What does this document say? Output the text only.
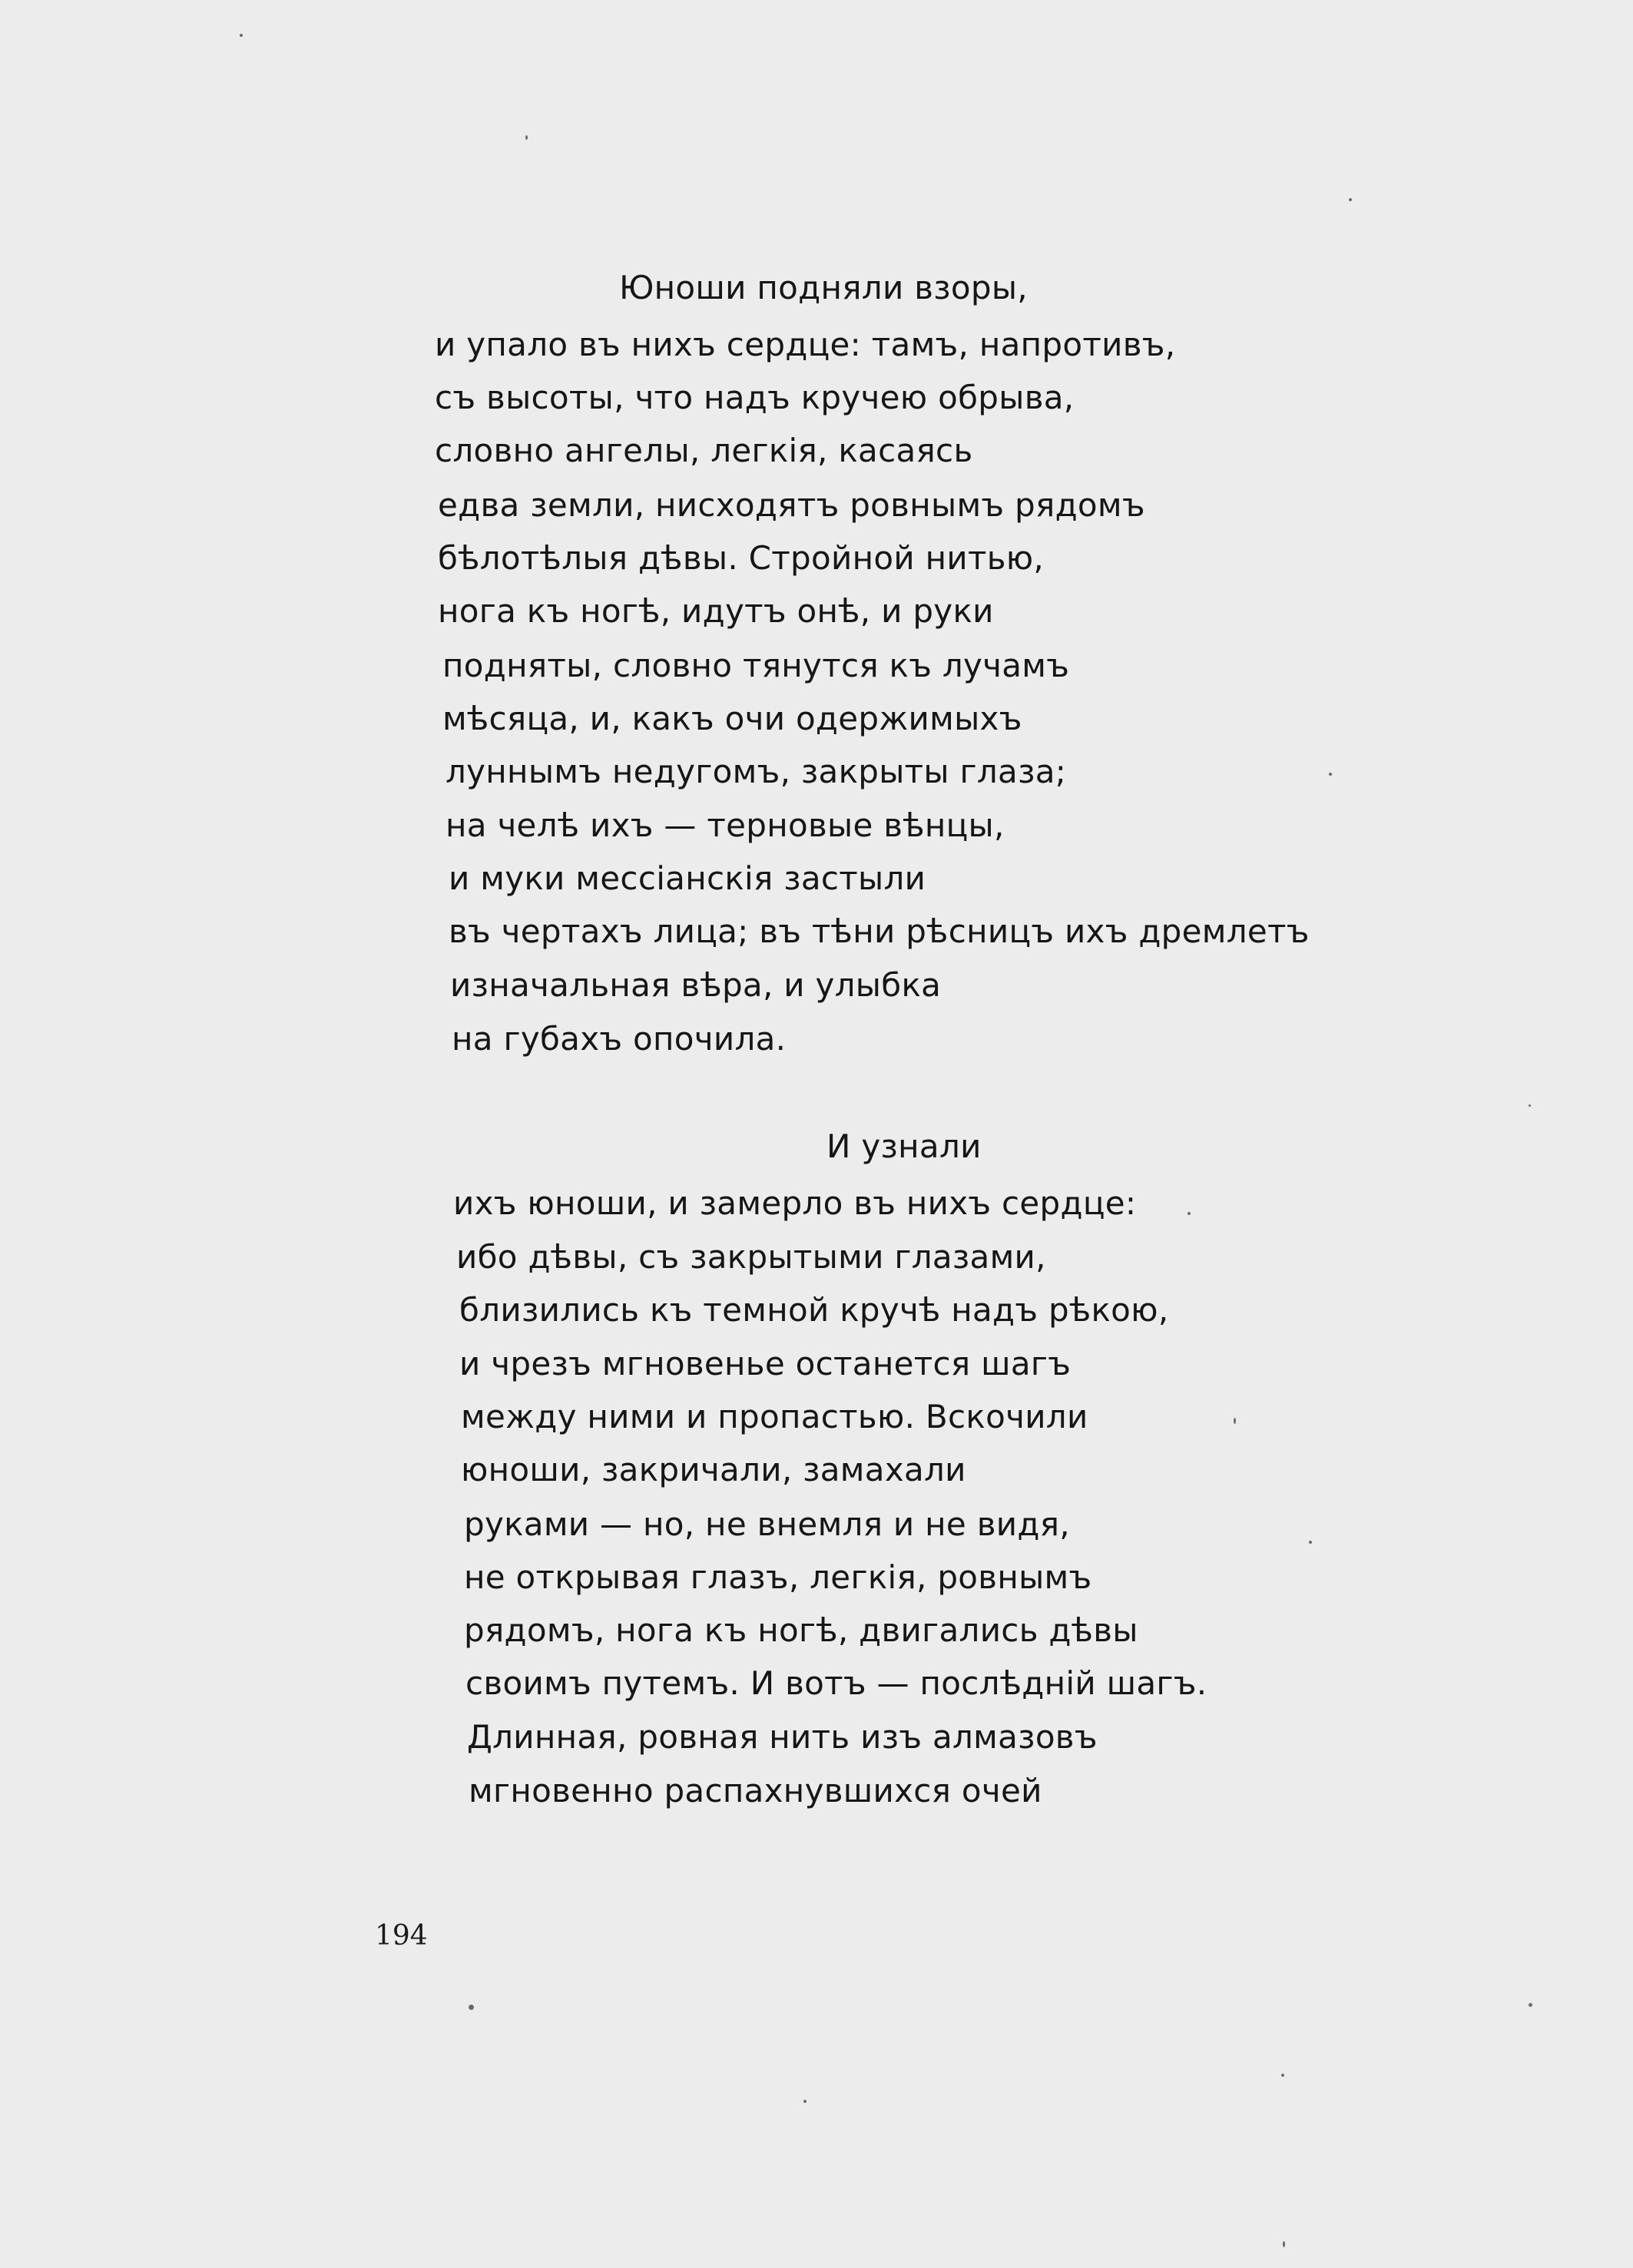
Юноши подняли взоры,
и упало въ нихъ сердце: тамъ, напротивъ,
съ высоты, что надъ кручею обрыва,
словно ангелы, легкія, касаясь
едва земли, нисходятъ ровнымъ рядомъ
бѣлотѣлыя дѣвы. Стройной нитью,
нога къ ногѣ, идутъ онѣ, и руки
подняты, словно тянутся къ лучамъ
мѣсяца, и, какъ очи одержимыхъ
луннымъ недугомъ, закрыты глаза;
на челѣ ихъ — терновые вѣнцы,
и муки мессіанскія застыли
въ чертахъ лица; въ тѣни рѣсницъ ихъ дремлетъ
изначальная вѣра, и улыбка
на губахъ опочила.
И узнали
ихъ юноши, и замерло въ нихъ сердце:
ибо дѣвы, съ закрытыми глазами,
близились къ темной кручѣ надъ рѣкою,
и чрезъ мгновенье останется шагъ
между ними и пропастью. Вскочили
юноши, закричали, замахали
руками — но, не внемля и не видя,
не открывая глазъ, легкія, ровнымъ
рядомъ, нога къ ногѣ, двигались дѣвы
своимъ путемъ. И вотъ — послѣдній шагъ.
Длинная, ровная нить изъ алмазовъ
мгновенно распахнувшихся очей
194
